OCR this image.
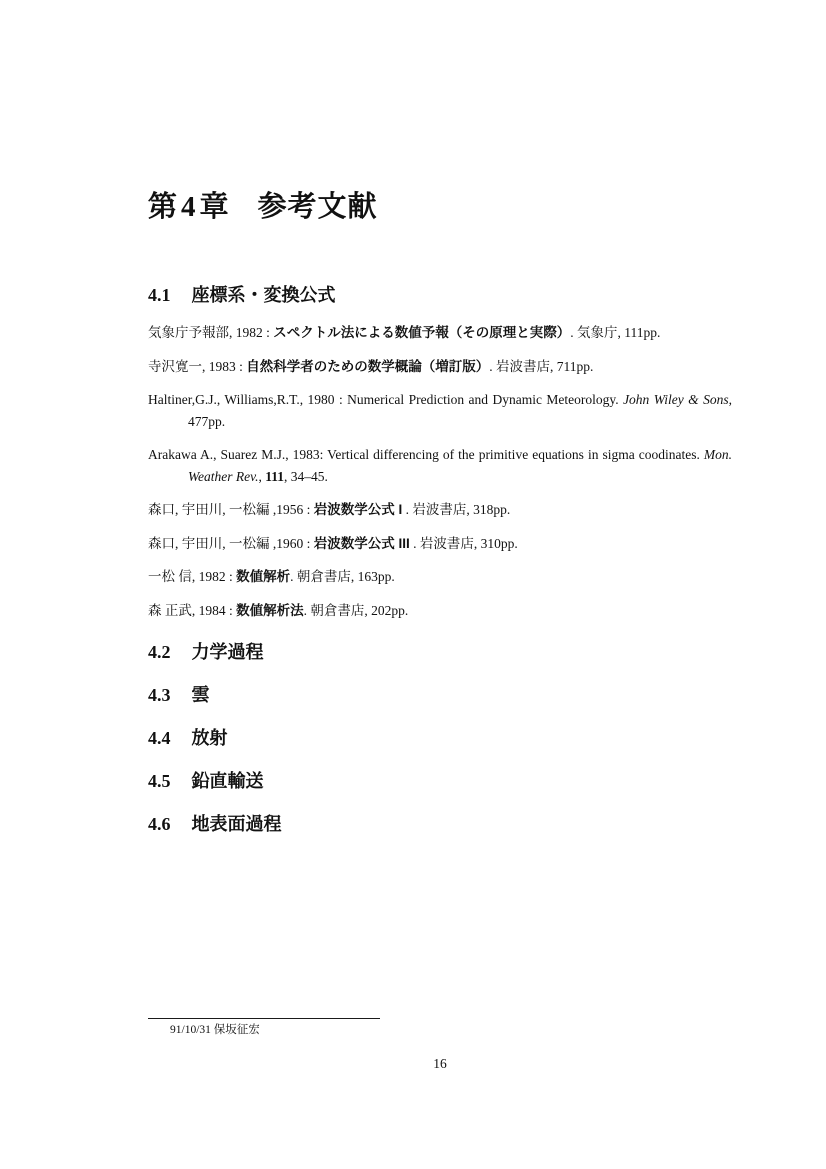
第 4 章 参考文献
4.1 座標系・変換公式

気象庁予報部, 1982 : スペクトル法による数値予報（その原理と実際）. 気象庁, 111pp.

寺沢寛一, 1983 : 自然科学者のための数学概論（増訂版）. 岩波書店, 711pp.

Haltiner,G.J., Williams,R.T., 1980 : Numerical Prediction and Dynamic Meteorology. John Wiley & Sons, 477pp.

Arakawa A., Suarez M.J., 1983: Vertical differencing of the primitive equations in sigma coodinates. Mon. Weather Rev., 111, 34–45.

森口, 宇田川, 一松編 ,1956 : 岩波数学公式 I . 岩波書店, 318pp.

森口, 宇田川, 一松編 ,1960 : 岩波数学公式 III . 岩波書店, 310pp.

一松 信, 1982 : 数値解析. 朝倉書店, 163pp.

森 正武, 1984 : 数値解析法. 朝倉書店, 202pp.

4.2 力学過程
4.3 雲
4.4 放射
4.5 鉛直輸送
4.6 地表面過程
91/10/31 保坂征宏
16
